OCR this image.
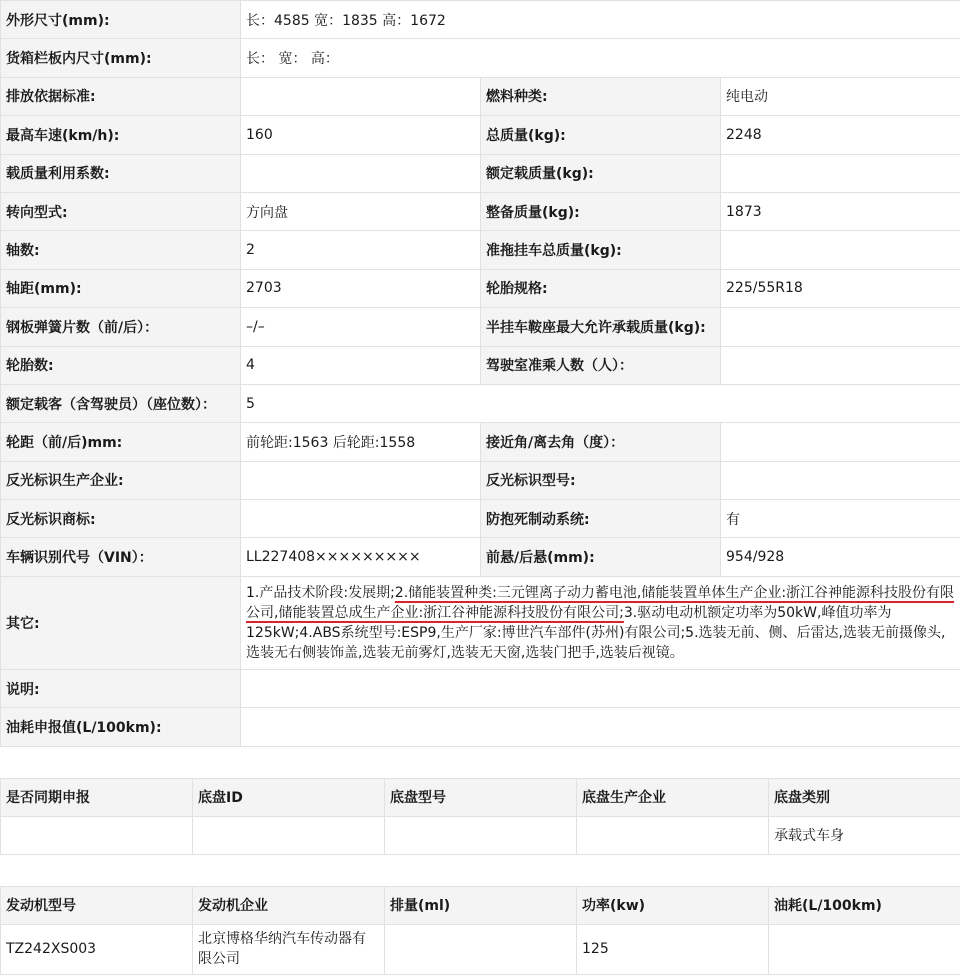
外形尺寸(mm):	长：4585 宽：1835 高：1672		
货箱栏板内尺寸(mm):	长： 宽： 高：		
排放依据标准:		燃料种类:	纯电动
最高车速(km/h):	160	总质量(kg):	2248
载质量利用系数:		额定载质量(kg):	
转向型式:	方向盘	整备质量(kg):	1873
轴数:	2	准拖挂车总质量(kg):	
轴距(mm):	2703	轮胎规格:	225/55R18
钢板弹簧片数（前/后）：	–/–	半挂车鞍座最大允许承载质量(kg):	
轮胎数:	4	驾驶室准乘人数（人）：	
额定载客（含驾驶员）（座位数）：	5		
轮距（前/后)mm:	前轮距:1563 后轮距:1558	接近角/离去角（度）：	
反光标识生产企业:		反光标识型号:	
反光标识商标:		防抱死制动系统:	有
车辆识别代号（VIN）：	LL227408×××××××××	前悬/后悬(mm):	954/928
其它:	1.产品技术阶段:发展期;2.储能装置种类:三元锂离子动力蓄电池,储能装置单体生产企业:浙江谷神能源科技股份有限公司,储能装置总成生产企业:浙江谷神能源科技股份有限公司;3.驱动电动机额定功率为50kW,峰值功率为125kW;4.ABS系统型号:ESP9,生产厂家:博世汽车部件(苏州)有限公司;5.选装无前、侧、后雷达,选装无前摄像头,选装无右侧装饰盖,选装无前雾灯,选装无天窗,选装门把手,选装后视镜。		
说明:			
油耗申报值(L/100km):			
是否同期申报	底盘ID	底盘型号	底盘生产企业	底盘类别
				承载式车身
发动机型号	发动机企业	排量(ml)	功率(kw)	油耗(L/100km)
TZ242XS003	北京博格华纳汽车传动器有限公司		125	
